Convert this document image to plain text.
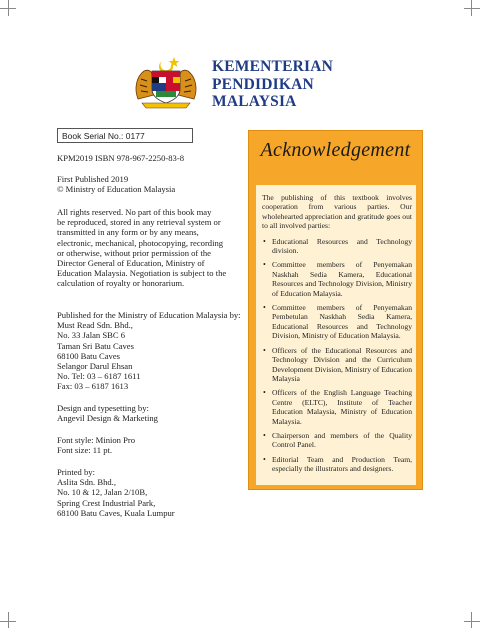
KEMENTERIAN
PENDIDIKAN
MALAYSIA
Book Serial No.: 0177
KPM2019 ISBN 978-967-2250-83-8
First Published 2019
© Ministry of Education Malaysia
All rights reserved. No part of this book may
be reproduced, stored in any retrieval system or
transmitted in any form or by any means,
electronic, mechanical, photocopying, recording
or otherwise, without prior permission of the
Director General of Education, Ministry of
Education Malaysia. Negotiation is subject to the
calculation of royalty or honorarium.
Published for the Ministry of Education Malaysia by:
Must Read Sdn. Bhd.,
No. 33 Jalan SBC 6
Taman Sri Batu Caves
68100 Batu Caves
Selangor Darul Ehsan
No. Tel: 03 – 6187 1611
Fax: 03 – 6187 1613
Design and typesetting by:
Angevil Design & Marketing
Font style: Minion Pro
Font size: 11 pt.
Printed by:
Aslita Sdn. Bhd.,
No. 10 & 12, Jalan 2/10B,
Spring Crest Industrial Park,
68100 Batu Caves, Kuala Lumpur
Acknowledgement

The publishing of this textbook involves cooperation from various parties. Our wholehearted appreciation and gratitude goes out to all involved parties:

• Educational Resources and Technology division.
• Committee members of Penyemakan Naskhah Sedia Kamera, Educational Resources and Technology Division, Ministry of Education Malaysia.
• Committee members of Penyemakan Pembetulan Naskhah Sedia Kamera, Educational Resources and Technology Division, Ministry of Education Malaysia.
• Officers of the Educational Resources and Technology Division and the Curriculum Development Division, Ministry of Education Malaysia
• Officers of the English Language Teaching Centre (ELTC), Institute of Teacher Education Malaysia, Ministry of Education Malaysia.
• Chairperson and members of the Quality Control Panel.
• Editorial Team and Production Team, especially the illustrators and designers.
